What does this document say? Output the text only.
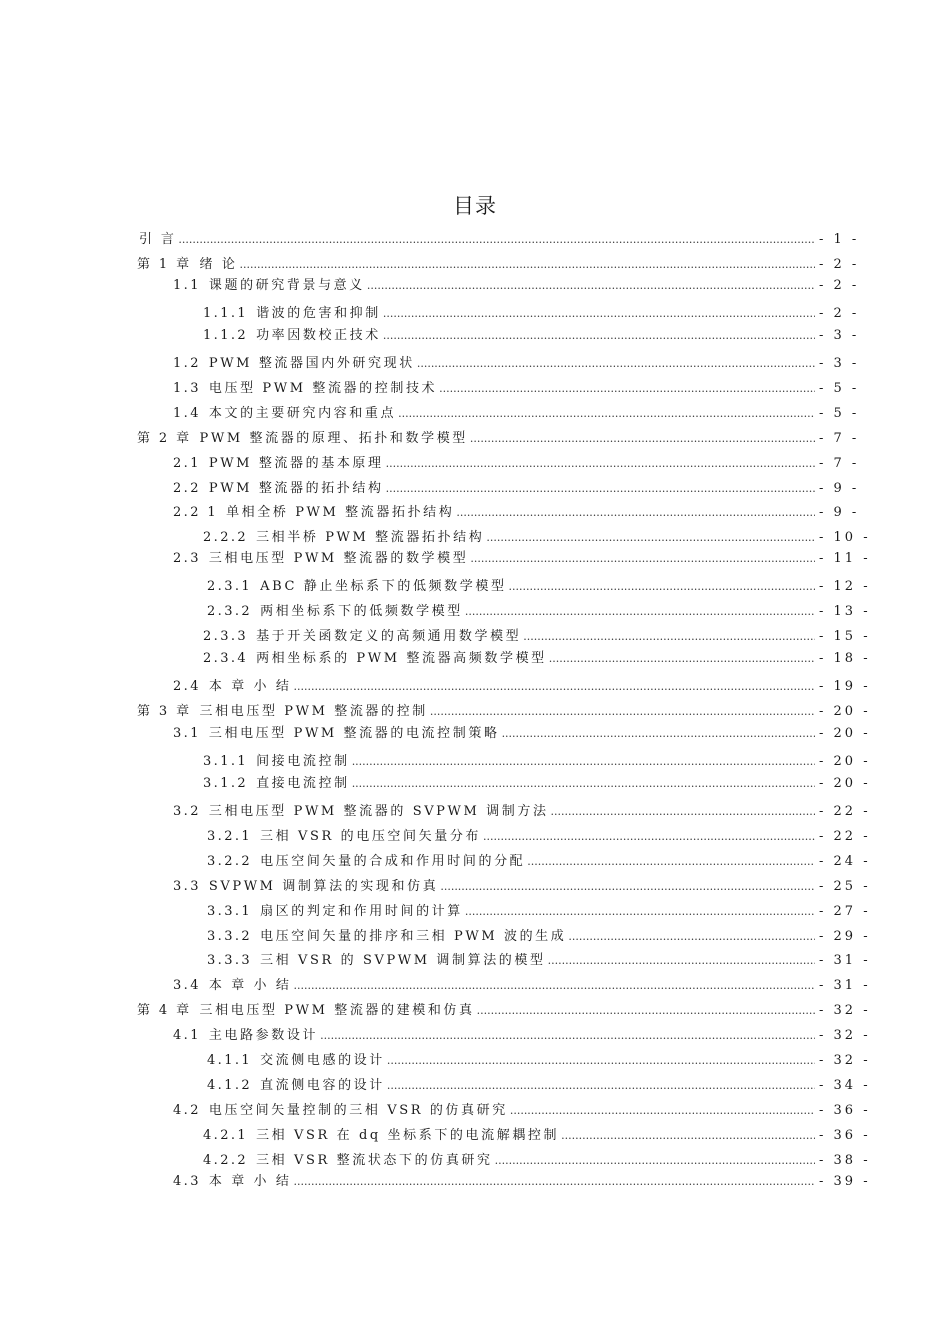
目录
引 言 .....	- 1 -
第 1 章 绪 论 .....	- 2 -
1.1 课题的研究背景与意义 .....	- 2 -
1.1.1 谐波的危害和抑制 .....	- 2 -
1.1.2 功率因数校正技术 .....	- 3 -
1.2 PWM 整流器国内外研究现状 .....	- 3 -
1.3 电压型 PWM 整流器的控制技术 .....	- 5 -
1.4 本文的主要研究内容和重点 .....	- 5 -
第 2 章 PWM 整流器的原理、拓扑和数学模型 .....	- 7 -
2.1 PWM 整流器的基本原理 .....	- 7 -
2.2 PWM 整流器的拓扑结构 .....	- 9 -
2.2 1 单相全桥 PWM 整流器拓扑结构 .....	- 9 -
2.2.2 三相半桥 PWM 整流器拓扑结构 .....	- 10 -
2.3 三相电压型 PWM 整流器的数学模型 .....	- 11 -
2.3.1 ABC 静止坐标系下的低频数学模型 .....	- 12 -
2.3.2 两相坐标系下的低频数学模型 .....	- 13 -
2.3.3 基于开关函数定义的高频通用数学模型 .....	- 15 -
2.3.4 两相坐标系的 PWM 整流器高频数学模型 .....	- 18 -
2.4 本 章 小 结 .....	- 19 -
第 3 章 三相电压型 PWM 整流器的控制 .....	- 20 -
3.1 三相电压型 PWM 整流器的电流控制策略 .....	- 20 -
3.1.1 间接电流控制 .....	- 20 -
3.1.2 直接电流控制 .....	- 20 -
3.2 三相电压型 PWM 整流器的 SVPWM 调制方法 .....	- 22 -
3.2.1 三相 VSR 的电压空间矢量分布 .....	- 22 -
3.2.2 电压空间矢量的合成和作用时间的分配 .....	- 24 -
3.3 SVPWM 调制算法的实现和仿真 .....	- 25 -
3.3.1 扇区的判定和作用时间的计算 .....	- 27 -
3.3.2 电压空间矢量的排序和三相 PWM 波的生成 .....	- 29 -
3.3.3 三相 VSR 的 SVPWM 调制算法的模型 .....	- 31 -
3.4 本 章 小 结 .....	- 31 -
第 4 章 三相电压型 PWM 整流器的建模和仿真 .....	- 32 -
4.1 主电路参数设计 .....	- 32 -
4.1.1 交流侧电感的设计 .....	- 32 -
4.1.2 直流侧电容的设计 .....	- 34 -
4.2 电压空间矢量控制的三相 VSR 的仿真研究 .....	- 36 -
4.2.1 三相 VSR 在 dq 坐标系下的电流解耦控制 .....	- 36 -
4.2.2 三相 VSR 整流状态下的仿真研究 .....	- 38 -
4.3 本 章 小 结 .....	- 39 -
